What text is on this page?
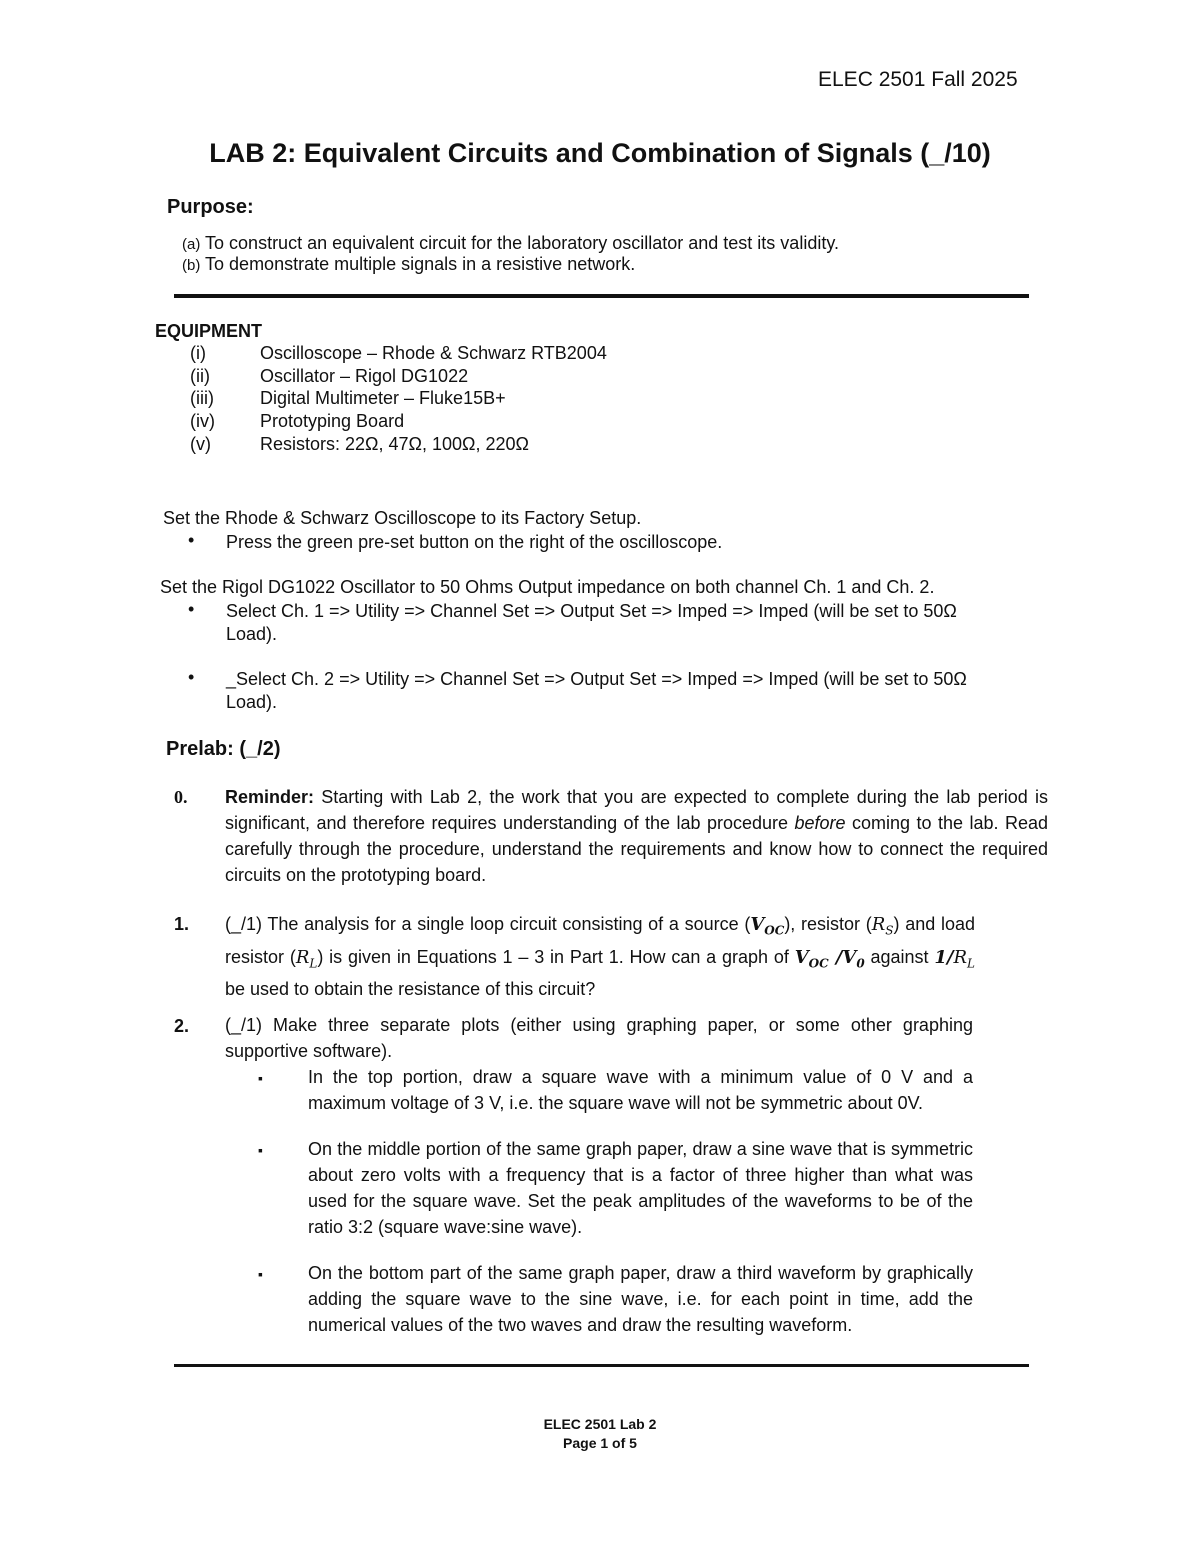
ELEC 2501 Fall 2025
LAB 2: Equivalent Circuits and Combination of Signals (_/10)
Purpose:
(a) To construct an equivalent circuit for the laboratory oscillator and test its validity.
(b) To demonstrate multiple signals in a resistive network.
EQUIPMENT
(i)	Oscilloscope – Rhode & Schwarz RTB2004
(ii)	Oscillator – Rigol DG1022
(iii)	Digital Multimeter – Fluke15B+
(iv)	Prototyping Board
(v)	Resistors: 22Ω, 47Ω, 100Ω, 220Ω
Set the Rhode & Schwarz Oscilloscope to its Factory Setup.
• Press the green pre-set button on the right of the oscilloscope.
Set the Rigol DG1022 Oscillator to 50 Ohms Output impedance on both channel Ch. 1 and Ch. 2.
• Select Ch. 1 => Utility => Channel Set => Output Set => Imped => Imped (will be set to 50Ω
Load).
• _Select Ch. 2 => Utility => Channel Set => Output Set => Imped => Imped (will be set to 50Ω
Load).
Prelab: (_/2)
0. Reminder: Starting with Lab 2, the work that you are expected to complete during the lab period is significant, and therefore requires understanding of the lab procedure before coming to the lab. Read carefully through the procedure, understand the requirements and know how to connect the required circuits on the prototyping board.
1. (_/1) The analysis for a single loop circuit consisting of a source $(V_{OC})$, resistor $(R_S)$ and load resistor $(R_L)$ is given in Equations 1 – 3 in Part 1. How can a graph of $V_{OC}$ $/V_0$ against $1/R_L$ be used to obtain the resistance of this circuit?
2. (_/1) Make three separate plots (either using graphing paper, or some other graphing supportive software).
▪	In the top portion, draw a square wave with a minimum value of 0 V and a maximum voltage of 3 V, i.e. the square wave will not be symmetric about 0V.
▪	On the middle portion of the same graph paper, draw a sine wave that is symmetric about zero volts with a frequency that is a factor of three higher than what was used for the square wave. Set the peak amplitudes of the waveforms to be of the ratio 3:2 (square wave:sine wave).
▪	On the bottom part of the same graph paper, draw a third waveform by graphically adding the square wave to the sine wave, i.e. for each point in time, add the numerical values of the two waves and draw the resulting waveform.
ELEC 2501 Lab 2
Page 1 of 5
